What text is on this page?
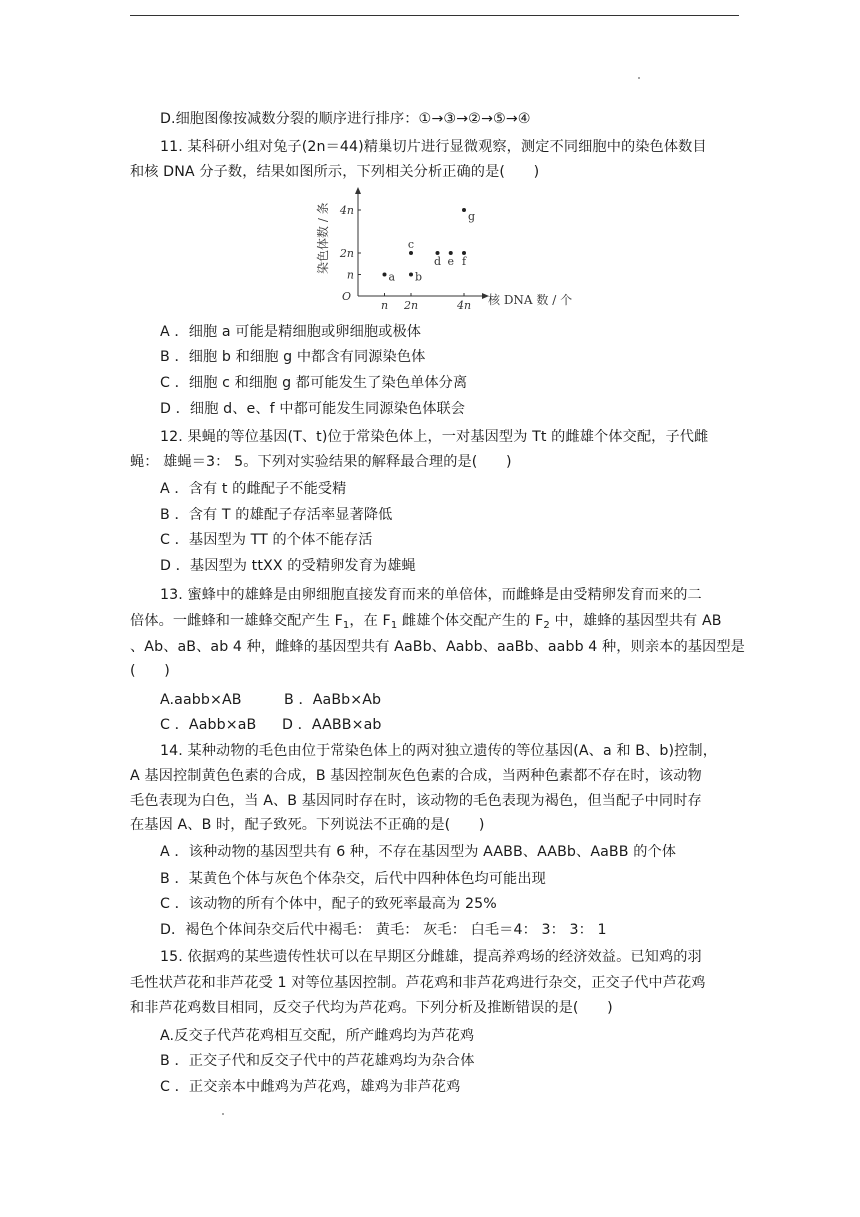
D.细胞图像按减数分裂的顺序进行排序：①→③→②→⑤→④
11. 某科研小组对兔子(2n＝44)精巢切片进行显微观察，测定不同细胞中的染色体数目
和核 DNA 分子数，结果如图所示，下列相关分析正确的是(　　)
染色体数 / 条
O	核 DNA 数 / 个
n
2n
4n
n 2n	4n
a b
c
d e f
g
A ．细胞 a 可能是精细胞或卵细胞或极体
B ．细胞 b 和细胞 g 中都含有同源染色体
C ．细胞 c 和细胞 g 都可能发生了染色单体分离
D ．细胞 d、e、f 中都可能发生同源染色体联会
12. 果蝇的等位基因(T、t)位于常染色体上，一对基因型为 Tt 的雌雄个体交配，子代雌
蝇： 雄蝇＝3： 5。下列对实验结果的解释最合理的是(　　)
A ．含有 t 的雌配子不能受精
B ．含有 T 的雄配子存活率显著降低
C ．基因型为 TT 的个体不能存活
D ．基因型为 ttXX 的受精卵发育为雄蝇
13. 蜜蜂中的雄蜂是由卵细胞直接发育而来的单倍体，而雌蜂是由受精卵发育而来的二
倍体。一雌蜂和一雄蜂交配产生 $F_1$，在 $F_1$ 雌雄个体交配产生的 $F_2$ 中，雄蜂的基因型共有 AB
、Ab、aB、ab 4 种，雌蜂的基因型共有 AaBb、Aabb、aaBb、aabb 4 种，则亲本的基因型是
(　　)
A.aabb×AB	B ．AaBb×Ab
C ．Aabb×aB D ．AABB×ab
14. 某种动物的毛色由位于常染色体上的两对独立遗传的等位基因(A、a 和 B、b)控制，
A 基因控制黄色色素的合成，B 基因控制灰色色素的合成，当两种色素都不存在时，该动物
毛色表现为白色，当 A、B 基因同时存在时，该动物的毛色表现为褐色，但当配子中同时存
在基因 A、B 时，配子致死。下列说法不正确的是(　　)
A ．该种动物的基因型共有 6 种，不存在基因型为 AABB、AABb、AaBB 的个体
B ．某黄色个体与灰色个体杂交，后代中四种体色均可能出现
C ．该动物的所有个体中，配子的致死率最高为 25%
D．褐色个体间杂交后代中褐毛： 黄毛： 灰毛： 白毛＝4： 3： 3： 1
15. 依据鸡的某些遗传性状可以在早期区分雌雄，提高养鸡场的经济效益。已知鸡的羽
毛性状芦花和非芦花受 1 对等位基因控制。芦花鸡和非芦花鸡进行杂交，正交子代中芦花鸡
和非芦花鸡数目相同，反交子代均为芦花鸡。下列分析及推断错误的是(　　)
A.反交子代芦花鸡相互交配，所产雌鸡均为芦花鸡
B ．正交子代和反交子代中的芦花雄鸡均为杂合体
C ．正交亲本中雌鸡为芦花鸡，雄鸡为非芦花鸡
